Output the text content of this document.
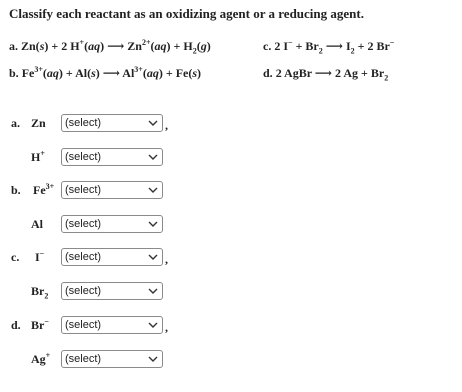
Classify each reactant as an oxidizing agent or a reducing agent.
a. Zn(s) + 2 H+(aq) ⟶ $Zn^{2+}(aq) + H_2(g)$
b. $Fe^{3+}(aq) + Al(s)$ ⟶ $Al^{3+}(aq) + Fe(s)$
c. 2 $I^- + Br_2$ ⟶ $I_2 + 2$ Br−
d. 2 AgBr ⟶ 2 $Ag + Br_2$
a. Zn (select)	,
H+ (select)
b. $Fe^{3+}$ (select)
Al (select)
c. I− (select)	,
$Br_2$ (select)
d. Br− (select)	,
Ag+ (select)
